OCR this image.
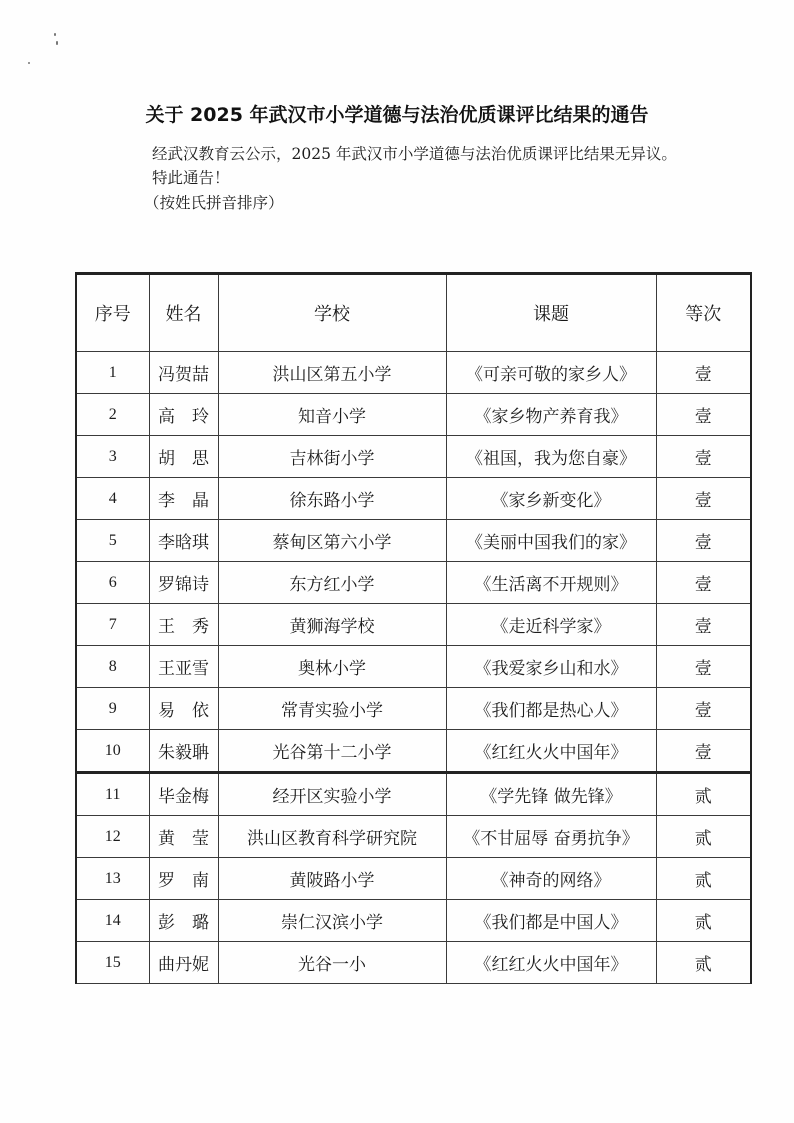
关于 2025 年武汉市小学道德与法治优质课评比结果的通告
经武汉教育云公示，2025 年武汉市小学道德与法治优质课评比结果无异议。
特此通告！
（按姓氏拼音排序）
序号	姓名	学校	课题	等次
1	冯贺喆	洪山区第五小学	《可亲可敬的家乡人》	壹
2	高　玲	知音小学	《家乡物产养育我》	壹
3	胡　思	吉林街小学	《祖国，我为您自豪》	壹
4	李　晶	徐东路小学	《家乡新变化》	壹
5	李晗琪	蔡甸区第六小学	《美丽中国我们的家》	壹
6	罗锦诗	东方红小学	《生活离不开规则》	壹
7	王　秀	黄狮海学校	《走近科学家》	壹
8	王亚雪	奥林小学	《我爱家乡山和水》	壹
9	易　依	常青实验小学	《我们都是热心人》	壹
10	朱毅聃	光谷第十二小学	《红红火火中国年》	壹
11	毕金梅	经开区实验小学	《学先锋 做先锋》	贰
12	黄　莹	洪山区教育科学研究院	《不甘屈辱 奋勇抗争》	贰
13	罗　南	黄陂路小学	《神奇的网络》	贰
14	彭　璐	崇仁汉滨小学	《我们都是中国人》	贰
15	曲丹妮	光谷一小	《红红火火中国年》	贰
